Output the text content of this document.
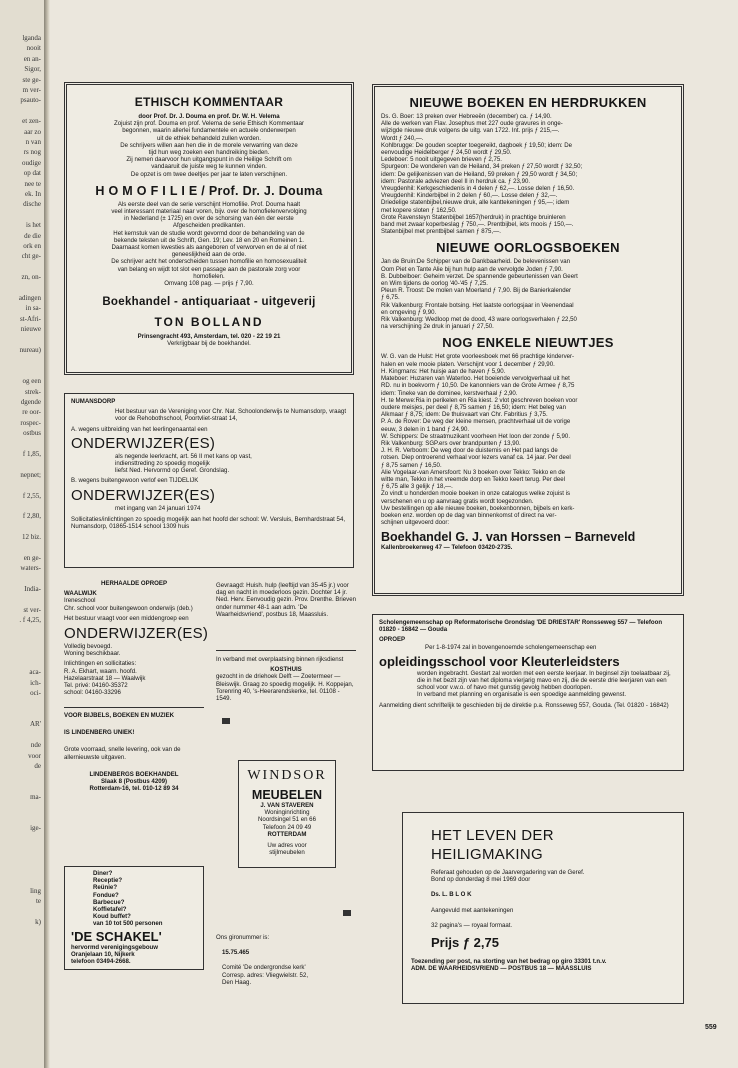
lganda
nooit
en an-
Sigor,
ste ge-
m ver-
psauto-
et zen-
aar zo
n van
rs nog
oudige
op dat
nee te
ek. In
dische
is het
de die
ork en
cht ge-
zn, on-
adingen
in sa-
st-Afri-
nieuwe
nureau)
og een
strek-
dgende
re oor-
rospec-
ostbus
f 1,85,
nepnet;
f 2,55,
f 2,80,
12 biz.
en ge-
waters-
India-
st ver-
. f 4,25,
aca-
ich-
oci-
AR'
nde
voor
de
ma-
ige-
ling
te
k)

ETHISCH KOMMENTAAR

door Prof. Dr. J. Douma en prof. Dr. W. H. Velema

Zojuist zijn prof. Douma en prof. Velema de serie Ethisch Kommentaar

begonnen, waarin allerlei fundamentele en actuele onderwerpen

uit de ethiek behandeld zullen worden.

De schrijvers willen aan hen die in de morele verwarring van deze

tijd hun weg zoeken een handreiking bieden.

Zij nemen daarvoor hun uitgangspunt in de Heilige Schrift om

vandaaruit de juiste weg te kunnen vinden.

De opzet is om twee deeltjes per jaar te laten verschijnen.

H O M O F I L I E / Prof. Dr. J. Douma

Als eerste deel van de serie verschijnt Homofilie. Prof. Douma haalt

veel interessant materiaal naar voren, bijv. over de homofielenvervolging

in Nederland (± 1725) en over de schorsing van één der eerste

Afgescheiden predikanten.

Het kernstuk van de studie wordt gevormd door de behandeling van de

bekende teksten uit de Schrift, Gen. 19; Lev. 18 en 20 en Romeinen 1.

Daarnaast komen kwesties als aangeboren of verworven en de al of niet

geneeslijkheid aan de orde.

De schrijver acht het onderscheiden tussen homofilie en homosexualiteit

van belang en wijdt tot slot een passage aan de pastorale zorg voor

homofielen.

Omvang 108 pag. — prijs ƒ 7,90.

Boekhandel - antiquariaat - uitgeverij

TON BOLLAND

Prinsengracht 493, Amsterdam, tel. 020 - 22 19 21

Verkrijgbaar bij de boekhandel.

NUMANSDORP

Het bestuur van de Vereniging voor Chr. Nat. Schoolonderwijs te Numansdorp, vraagt voor de Rehobothschool, Poortvliet-straat 14,

A. wegens uitbreiding van het leerlingenaantal een

ONDERWIJZER(ES)

als negende leerkracht, art. 56 II met kans op vast,

indiensttreding zo spoedig mogelijk

liefst Ned. Hervormd op Geref. Grondslag.

B. wegens buitengewoon verlof een TIJDELIJK

ONDERWIJZER(ES)

met ingang van 24 januari 1974

Sollicitaties/inlichtingen zo spoedig mogelijk aan het hoofd der school: W. Versluis, Bernhardstraat 54, Numansdorp, 01865-1514 school 1309 huis

HERHAALDE OPROEP

WAALWIJK

Ireneschool

Chr. school voor buitengewoon onderwijs (deb.)

Het bestuur vraagt voor een middengroep een

ONDERWIJZER(ES)

Volledig bevoegd.

Woning beschikbaar.

Inlichtingen en sollicitaties:

R. A. Ekhart, waarn. hoofd.

Hazelaarstraat 18 — Waalwijk

Tel. privé: 04160-35372

school: 04160-33296

VOOR BIJBELS, BOEKEN EN MUZIEK

IS LINDENBERG UNIEK!

Grote voorraad, snelle levering, ook van de allernieuwste uitgaven.

LINDENBERGS BOEKHANDEL

Slaak 8 (Postbus 4209)

Rotterdam-16, tel. 010-12 89 34

Diner?

Receptie?

Reünie?

Fondue?

Barbecue?

Koffietafel?

Koud buffet?

van 10 tot 500 personen

'DE SCHAKEL'

hervormd verenigingsgebouw

Oranjelaan 10, Nijkerk

telefoon 03494-2668.

Gevraagd: Huish. hulp (leeftijd van 35-45 jr.) voor dag en nacht in moederloos gezin. Dochter 14 jr. Ned. Herv. Eenvoudig gezin. Prov. Drenthe. Brieven onder nummer 48-1 aan adm. 'De Waarheidsvriend', postbus 18, Maassluis.

In verband met overplaatsing binnen rijksdienst

KOSTHUIS

gezocht in de driehoek Delft — Zoetermeer — Bleiswijk. Graag zo spoedig mogelijk. H. Koppejan, Torenring 40, 's-Heerarendskerke, tel. 01108 - 1549.

WINDSOR

MEUBELEN

J. VAN STAVEREN

Woninginrichting

Noordsingel 51 en 66

Telefoon 24 09 49

ROTTERDAM

Uw adres voor

stijlmeubelen

Ons gironummer is:

15.75.465

Comité 'De ondergrondse kerk'

Corresp. adres: Vliegwielstr. 52,

Den Haag.

NIEUWE BOEKEN EN HERDRUKKEN

Ds. G. Boer: 13 preken over Hebreeën (december) ca. ƒ 14,90.

Alle de werken van Flav. Josephus met 227 oude gravures in onge-

wijzigde nieuwe druk volgens de uitg. van 1722. Int. prijs ƒ 215,—.

Wordt ƒ 240,—.

Kohlbrugge: De gouden scepter toegereikt, dagboek ƒ 19,50; idem: De

eenvoudige Heidelberger ƒ 24,50 wordt ƒ 29,50.

Ledeboer: 5 nooit uitgegeven brieven ƒ 2,75.

Spurgeon: De wonderen van de Heiland, 34 preken ƒ 27,50 wordt ƒ 32,50;

idem: De gelijkenissen van de Heiland, 59 preken ƒ 29,50 wordt ƒ 34,50;

idem: Pastorale adviezen deel II in herdruk ca. ƒ 23,90.

Vreugdenhil: Kerkgeschiedenis in 4 delen ƒ 62,—. Losse delen ƒ 16,50.

Vreugdenhil: Kinderbijbel in 2 delen ƒ 60,—. Losse delen ƒ 32,—.

Driedelige statenbijbel,nieuwe druk, alle kanttekeningen ƒ 95,—; idem

met kopere sloten ƒ 162,50.

Grote Ravensteyn Statenbijbel 1657(herdruk) in prachtige bruinleren

band met zwaar koperbeslag ƒ 750,—. Prentbijbel, iets moois ƒ 150,—.

Statenbijbel met prentbijbel samen ƒ 875,—.

NIEUWE OORLOGSBOEKEN

Jan de Bruin:De Schipper van de Dankbaarheid. De belevenissen van

Oom Piet en Tante Alie bij hun hulp aan de vervolgde Joden ƒ 7,90.

B. Dubbelboer: Geheim verzet. De spannende gebeurtenissen van Geert

en Wim tijdens de oorlog '40-'45 ƒ 7,25.

Pleun R. Troost: De molen van Moerland ƒ 7,90. Bij de Banierkalender

ƒ 6,75.

Rik Valkenburg: Frontale botsing. Het laatste oorlogsjaar in Veenendaal

en omgeving ƒ 9,90.

Rik Valkenburg: Wedloop met de dood, 43 ware oorlogsverhalen ƒ 22,50

na verschijning 2e druk in januari ƒ 27,50.

NOG ENKELE NIEUWTJES

W. G. van de Hulst: Het grote voorleesboek met 66 prachtige kinderver-

halen en vele mooie platen. Verschijnt voor 1 december ƒ 29,90.

H. Kingmans: Het huisje aan de haven ƒ 5,90.

Mateboer: Huzaren van Waterloo. Het boeiende vervolgverhaal uit het

RD. nu in boekvorm ƒ 10,50. De kanonniers van de Grote Armee ƒ 8,75

idem: Tineke van de dominee, kerstverhaal ƒ 2,90.

H. te Merwe:Ria in perikelen en Ria kiest. 2 vlot geschreven boeken voor

oudere meisjes, per deel ƒ 8,75 samen ƒ 16,50; idem: Het beleg van

Alkmaar ƒ 8,75; idem: De thuisvaart van Chr. Fabritius ƒ 3,75.

P. A. de Rover: De weg der kleine mensen, prachtverhaal uit de vorige

eeuw, 3 delen in 1 band ƒ 24,90.

W. Schippers: De straatmuzikant voorheen Het loon der zonde ƒ 5,90.

Rik Valkenburg: SGP.ers over brandpunten ƒ 13,90.

J. H. R. Verboom: De weg door de duisternis en Het pad langs de

rotsen. Diep ontroerend verhaal voor lezers vanaf ca. 14 jaar. Per deel

ƒ 8,75 samen ƒ 16,50.

Alie Vogelaar-van Amersfoort: Nu 3 boeken over Tekko: Tekko en de

witte man, Tekko in het vreemde dorp en Tekko keert terug. Per deel

ƒ 6,75 alle 3 gelijk ƒ 18,—.

Zo vindt u honderden mooie boeken in onze catalogus welke zojuist is

verschenen en u op aanvraag gratis wordt toegezonden.

Uw bestellingen op alle nieuwe boeken, boekenbonnen, bijbels en kerk-

boeken enz. worden op de dag van binnenkomst of direct na ver-

schijnen uitgevoerd door:

Boekhandel G. J. van Horssen – Barneveld

Kallenbroekerweg 47 — Telefoon 03420-2735.

Scholengemeenschap op Reformatorische Grondslag 'DE DRIESTAR' Ronsseweg 557 — Telefoon 01820 - 16842 — Gouda

OPROEP

Per 1-8-1974 zal in bovengenoemde scholengemeenschap een

opleidingsschool voor Kleuterleidsters

worden ingebracht. Gestart zal worden met een eerste leerjaar. In beginsel zijn toelaatbaar zij, die in het bezit zijn van het diploma vierjarig mavo en zij, die de eerste drie leerjaren van een school voor v.w.o. of havo met gunstig gevolg hebben doorlopen.

In verband met planning en organisatie is een spoedige aanmelding gewenst.

Aanmelding dient schriftelijk te geschieden bij de direktie p.a. Ronsseweg 557, Gouda. (Tel. 01820 - 16842)

HET LEVEN DER

HEILIGMAKING

Referaat gehouden op de Jaarvergadering van de Geref.

Bond op donderdag 8 mei 1969 door

Ds. L. B L O K

Aangevuld met aantekeningen

32 pagina's — royaal formaat.

Prijs ƒ 2,75

Toezending per post, na storting van het bedrag op giro 33301 t.n.v.

ADM. DE WAARHEIDSVRIEND — POSTBUS 18 — MAASSLUIS

559
